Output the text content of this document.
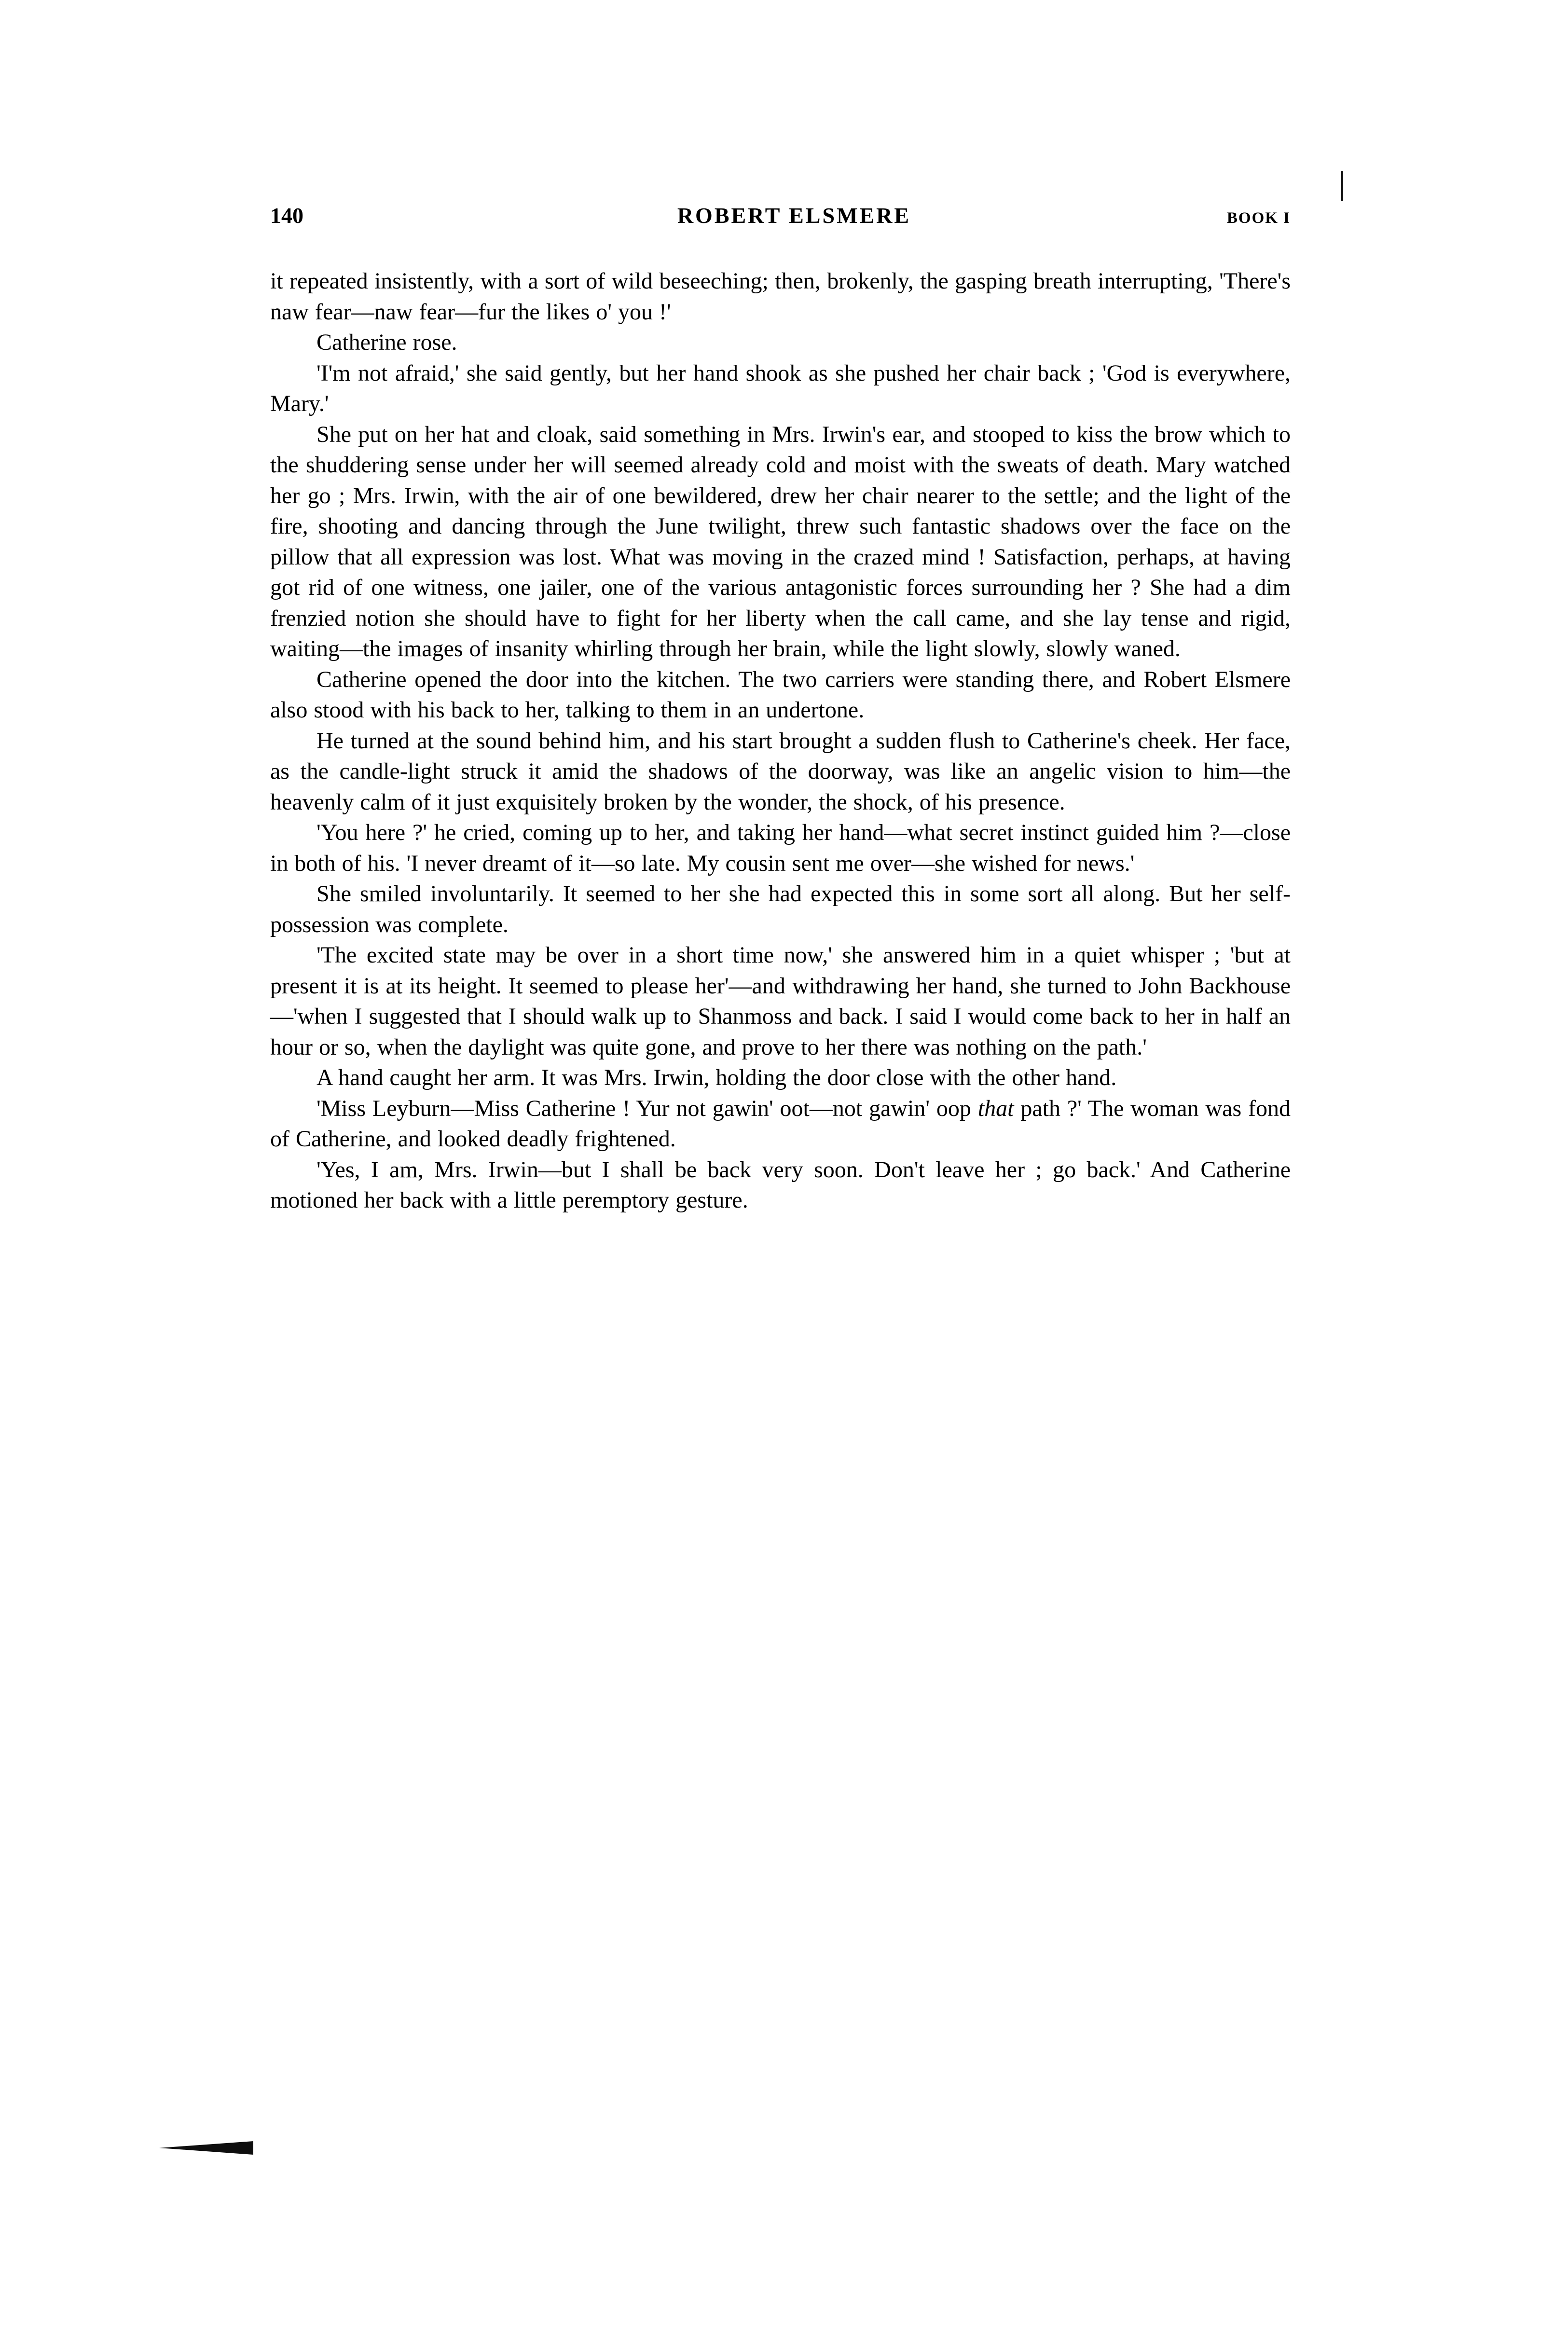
140	ROBERT ELSMERE	BOOK I

it repeated insistently, with a sort of wild beseeching; then, brokenly, the gasping breath interrupting, 'There's naw fear—naw fear—fur the likes o' you !'

Catherine rose.

'I'm not afraid,' she said gently, but her hand shook as she pushed her chair back ; 'God is everywhere, Mary.'

She put on her hat and cloak, said something in Mrs. Irwin's ear, and stooped to kiss the brow which to the shuddering sense under her will seemed already cold and moist with the sweats of death. Mary watched her go ; Mrs. Irwin, with the air of one bewildered, drew her chair nearer to the settle; and the light of the fire, shooting and dancing through the June twilight, threw such fantastic shadows over the face on the pillow that all expression was lost. What was moving in the crazed mind ! Satisfaction, perhaps, at having got rid of one witness, one jailer, one of the various antagonistic forces surrounding her ? She had a dim frenzied notion she should have to fight for her liberty when the call came, and she lay tense and rigid, waiting—the images of insanity whirling through her brain, while the light slowly, slowly waned.

Catherine opened the door into the kitchen. The two carriers were standing there, and Robert Elsmere also stood with his back to her, talking to them in an undertone.

He turned at the sound behind him, and his start brought a sudden flush to Catherine's cheek. Her face, as the candle-light struck it amid the shadows of the doorway, was like an angelic vision to him—the heavenly calm of it just exquisitely broken by the wonder, the shock, of his presence.

'You here ?' he cried, coming up to her, and taking her hand—what secret instinct guided him ?—close in both of his. 'I never dreamt of it—so late. My cousin sent me over—she wished for news.'

She smiled involuntarily. It seemed to her she had expected this in some sort all along. But her self-possession was complete.

'The excited state may be over in a short time now,' she answered him in a quiet whisper ; 'but at present it is at its height. It seemed to please her'—and withdrawing her hand, she turned to John Backhouse—'when I suggested that I should walk up to Shanmoss and back. I said I would come back to her in half an hour or so, when the daylight was quite gone, and prove to her there was nothing on the path.'

A hand caught her arm. It was Mrs. Irwin, holding the door close with the other hand.

'Miss Leyburn—Miss Catherine ! Yur not gawin' oot—not gawin' oop that path ?' The woman was fond of Catherine, and looked deadly frightened.

'Yes, I am, Mrs. Irwin—but I shall be back very soon. Don't leave her ; go back.' And Catherine motioned her back with a little peremptory gesture.
